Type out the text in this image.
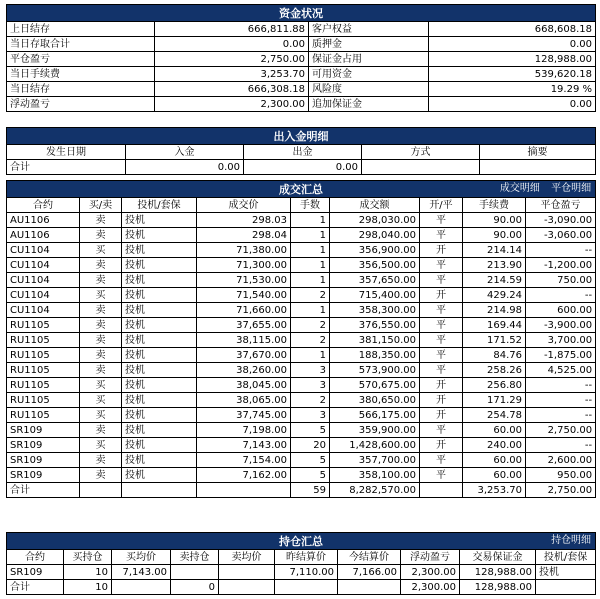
资金状况			
上日结存	666,811.88	客户权益	668,608.18
当日存取合计	0.00	质押金	0.00
平仓盈亏	2,750.00	保证金占用	128,988.00
当日手续费	3,253.70	可用资金	539,620.18
当日结存	666,308.18	风险度	19.29 %
浮动盈亏	2,300.00	追加保证金	0.00
出入金明细				
发生日期	入金	出金	方式	摘要
合计	0.00	0.00		
成交汇总 成交明细 平仓明细								

合约	买/卖	投机/套保	成交价	手数	成交额	开/平	手续费	平仓盈亏
AU1106	卖	投机	298.03	1	298,030.00	平	90.00	-3,090.00
AU1106	卖	投机	298.04	1	298,040.00	平	90.00	-3,060.00
CU1104	买	投机	71,380.00	1	356,900.00	开	214.14	--
CU1104	卖	投机	71,300.00	1	356,500.00	平	213.90	-1,200.00
CU1104	卖	投机	71,530.00	1	357,650.00	平	214.59	750.00
CU1104	买	投机	71,540.00	2	715,400.00	开	429.24	--
CU1104	卖	投机	71,660.00	1	358,300.00	平	214.98	600.00
RU1105	卖	投机	37,655.00	2	376,550.00	平	169.44	-3,900.00
RU1105	卖	投机	38,115.00	2	381,150.00	平	171.52	3,700.00
RU1105	卖	投机	37,670.00	1	188,350.00	平	84.76	-1,875.00
RU1105	卖	投机	38,260.00	3	573,900.00	平	258.26	4,525.00
RU1105	买	投机	38,045.00	3	570,675.00	开	256.80	--
RU1105	买	投机	38,065.00	2	380,650.00	开	171.29	--
RU1105	买	投机	37,745.00	3	566,175.00	开	254.78	--
SR109	卖	投机	7,198.00	5	359,900.00	平	60.00	2,750.00
SR109	买	投机	7,143.00	20	1,428,600.00	开	240.00	--
SR109	卖	投机	7,154.00	5	357,700.00	平	60.00	2,600.00
SR109	卖	投机	7,162.00	5	358,100.00	平	60.00	950.00
合计				59	8,282,570.00		3,253.70	2,750.00
持仓汇总 持仓明细									

合约	买持仓	买均价	卖持仓	卖均价	昨结算价	今结算价	浮动盈亏	交易保证金	投机/套保
SR109	10	7,143.00			7,110.00	7,166.00	2,300.00	128,988.00	投机
合计	10		0				2,300.00	128,988.00	
